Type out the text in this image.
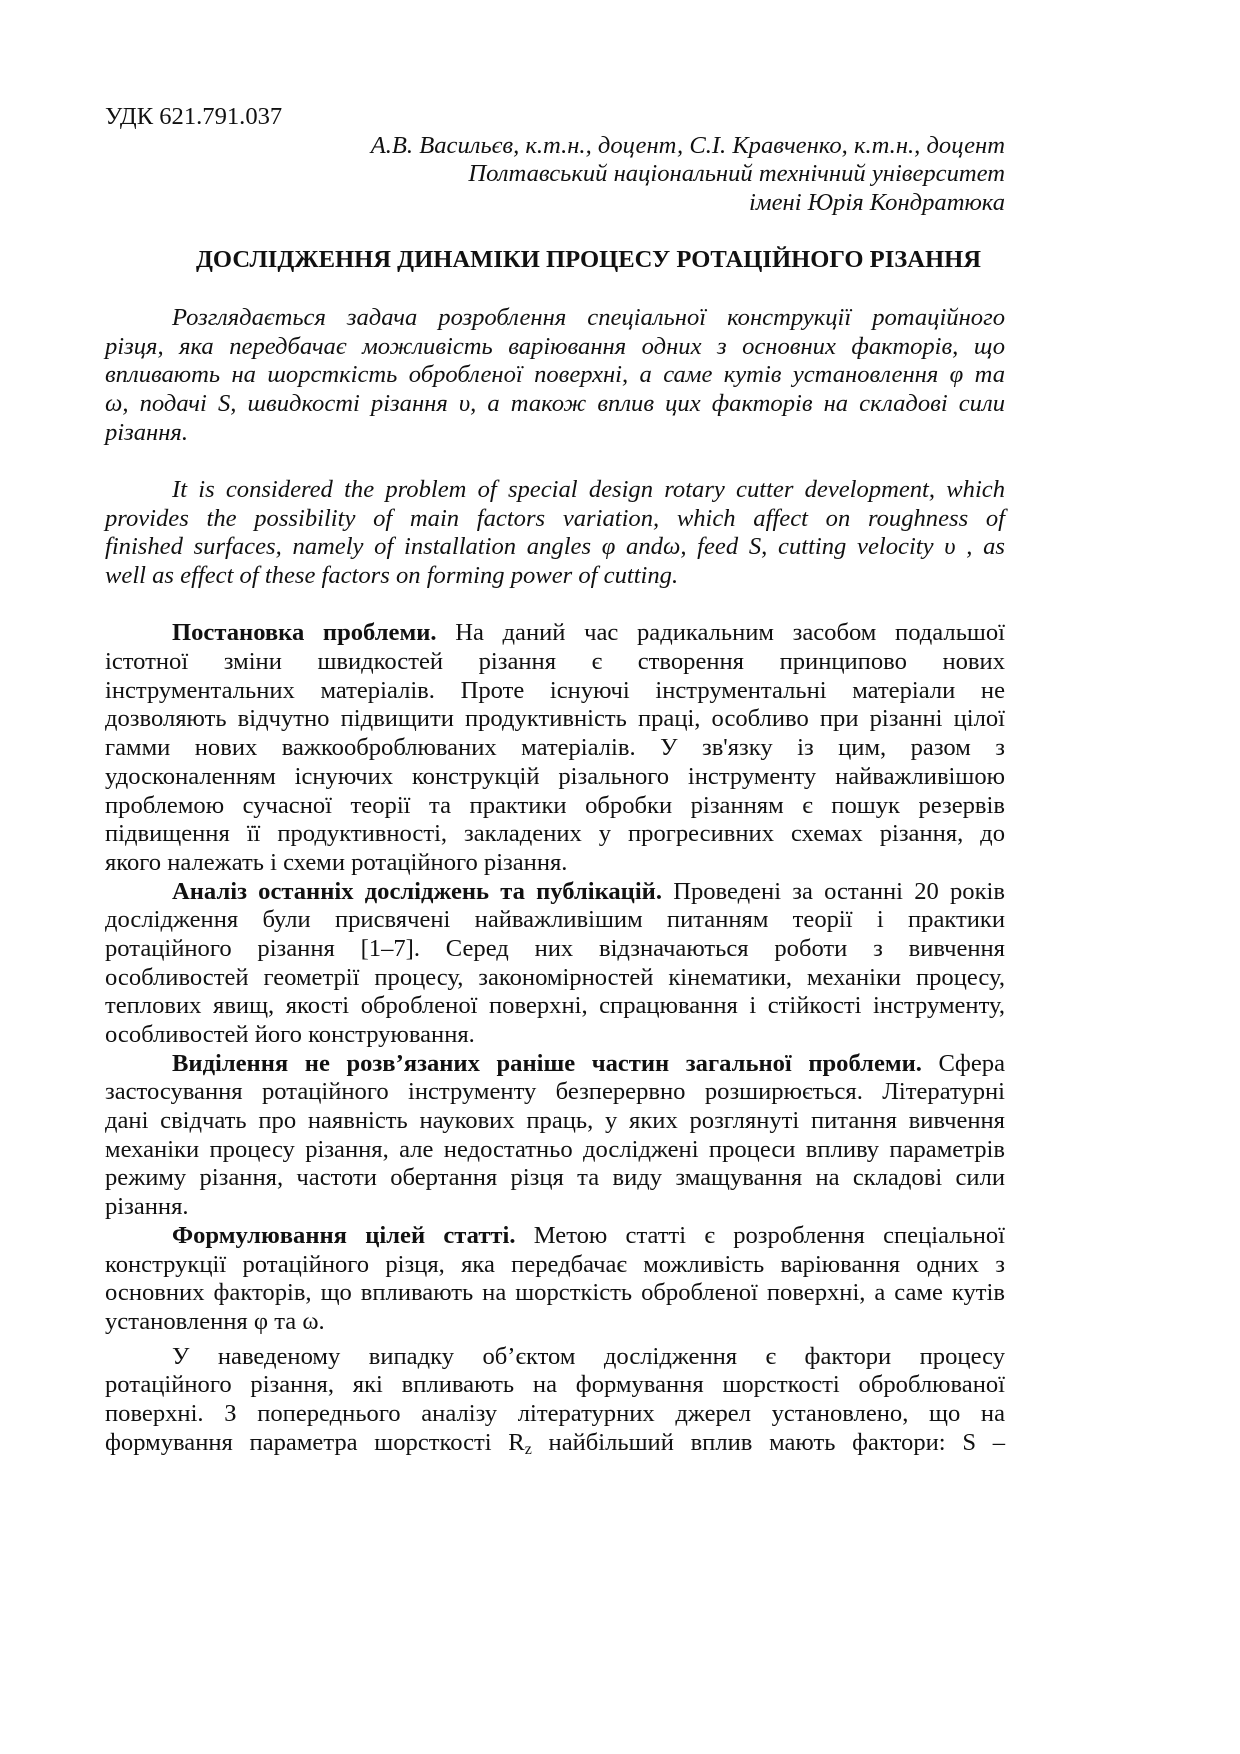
УДК 621.791.037
А.В. Васильєв, к.т.н., доцент, С.І. Кравченко, к.т.н., доцент
Полтавський національний технічний університет
імені Юрія Кондратюка
ДОСЛІДЖЕННЯ ДИНАМІКИ ПРОЦЕСУ РОТАЦІЙНОГО РІЗАННЯ
Розглядається задача розроблення спеціальної конструкції ротаційного
різця, яка передбачає можливість варіювання одних з основних факторів, що
впливають на шорсткість обробленої поверхні, а саме кутів установлення φ та
ω, подачі S, швидкості різання υ, а також вплив цих факторів на складові сили
різання.
It is considered the problem of special design rotary cutter development, which
provides the possibility of main factors variation, which affect on roughness of
finished surfaces, namely of installation angles φ andω, feed S, cutting velocity υ , as
well as effect of these factors on forming power of cutting.
Постановка проблеми. На даний час радикальним засобом подальшої
істотної зміни швидкостей різання є створення принципово нових
інструментальних матеріалів. Проте існуючі інструментальні матеріали не
дозволяють відчутно підвищити продуктивність праці, особливо при різанні цілої
гамми нових важкооброблюваних матеріалів. У зв'язку із цим, разом з
удосконаленням існуючих конструкцій різального інструменту найважливішою
проблемою сучасної теорії та практики обробки різанням є пошук резервів
підвищення її продуктивності, закладених у прогресивних схемах різання, до
якого належать і схеми ротаційного різання.
Аналіз останніх досліджень та публікацій. Проведені за останні 20 років
дослідження були присвячені найважливішим питанням теорії і практики
ротаційного різання [1–7]. Серед них відзначаються роботи з вивчення
особливостей геометрії процесу, закономірностей кінематики, механіки процесу,
теплових явищ, якості обробленої поверхні, спрацювання і стійкості інструменту,
особливостей його конструювання.
Виділення не розв’язаних раніше частин загальної проблеми. Сфера
застосування ротаційного інструменту безперервно розширюється. Літературні
дані свідчать про наявність наукових праць, у яких розглянуті питання вивчення
механіки процесу різання, але недостатньо досліджені процеси впливу параметрів
режиму різання, частоти обертання різця та виду змащування на складові сили
різання.
Формулювання цілей статті. Метою статті є розроблення спеціальної
конструкції ротаційного різця, яка передбачає можливість варіювання одних з
основних факторів, що впливають на шорсткість обробленої поверхні, а саме кутів
установлення φ та ω.
У наведеному випадку об’єктом дослідження є фактори процесу
ротаційного різання, які впливають на формування шорсткості оброблюваної
поверхні. З попереднього аналізу літературних джерел установлено, що на
формування параметра шорсткості $R_z$ найбільший вплив мають фактори: S –
